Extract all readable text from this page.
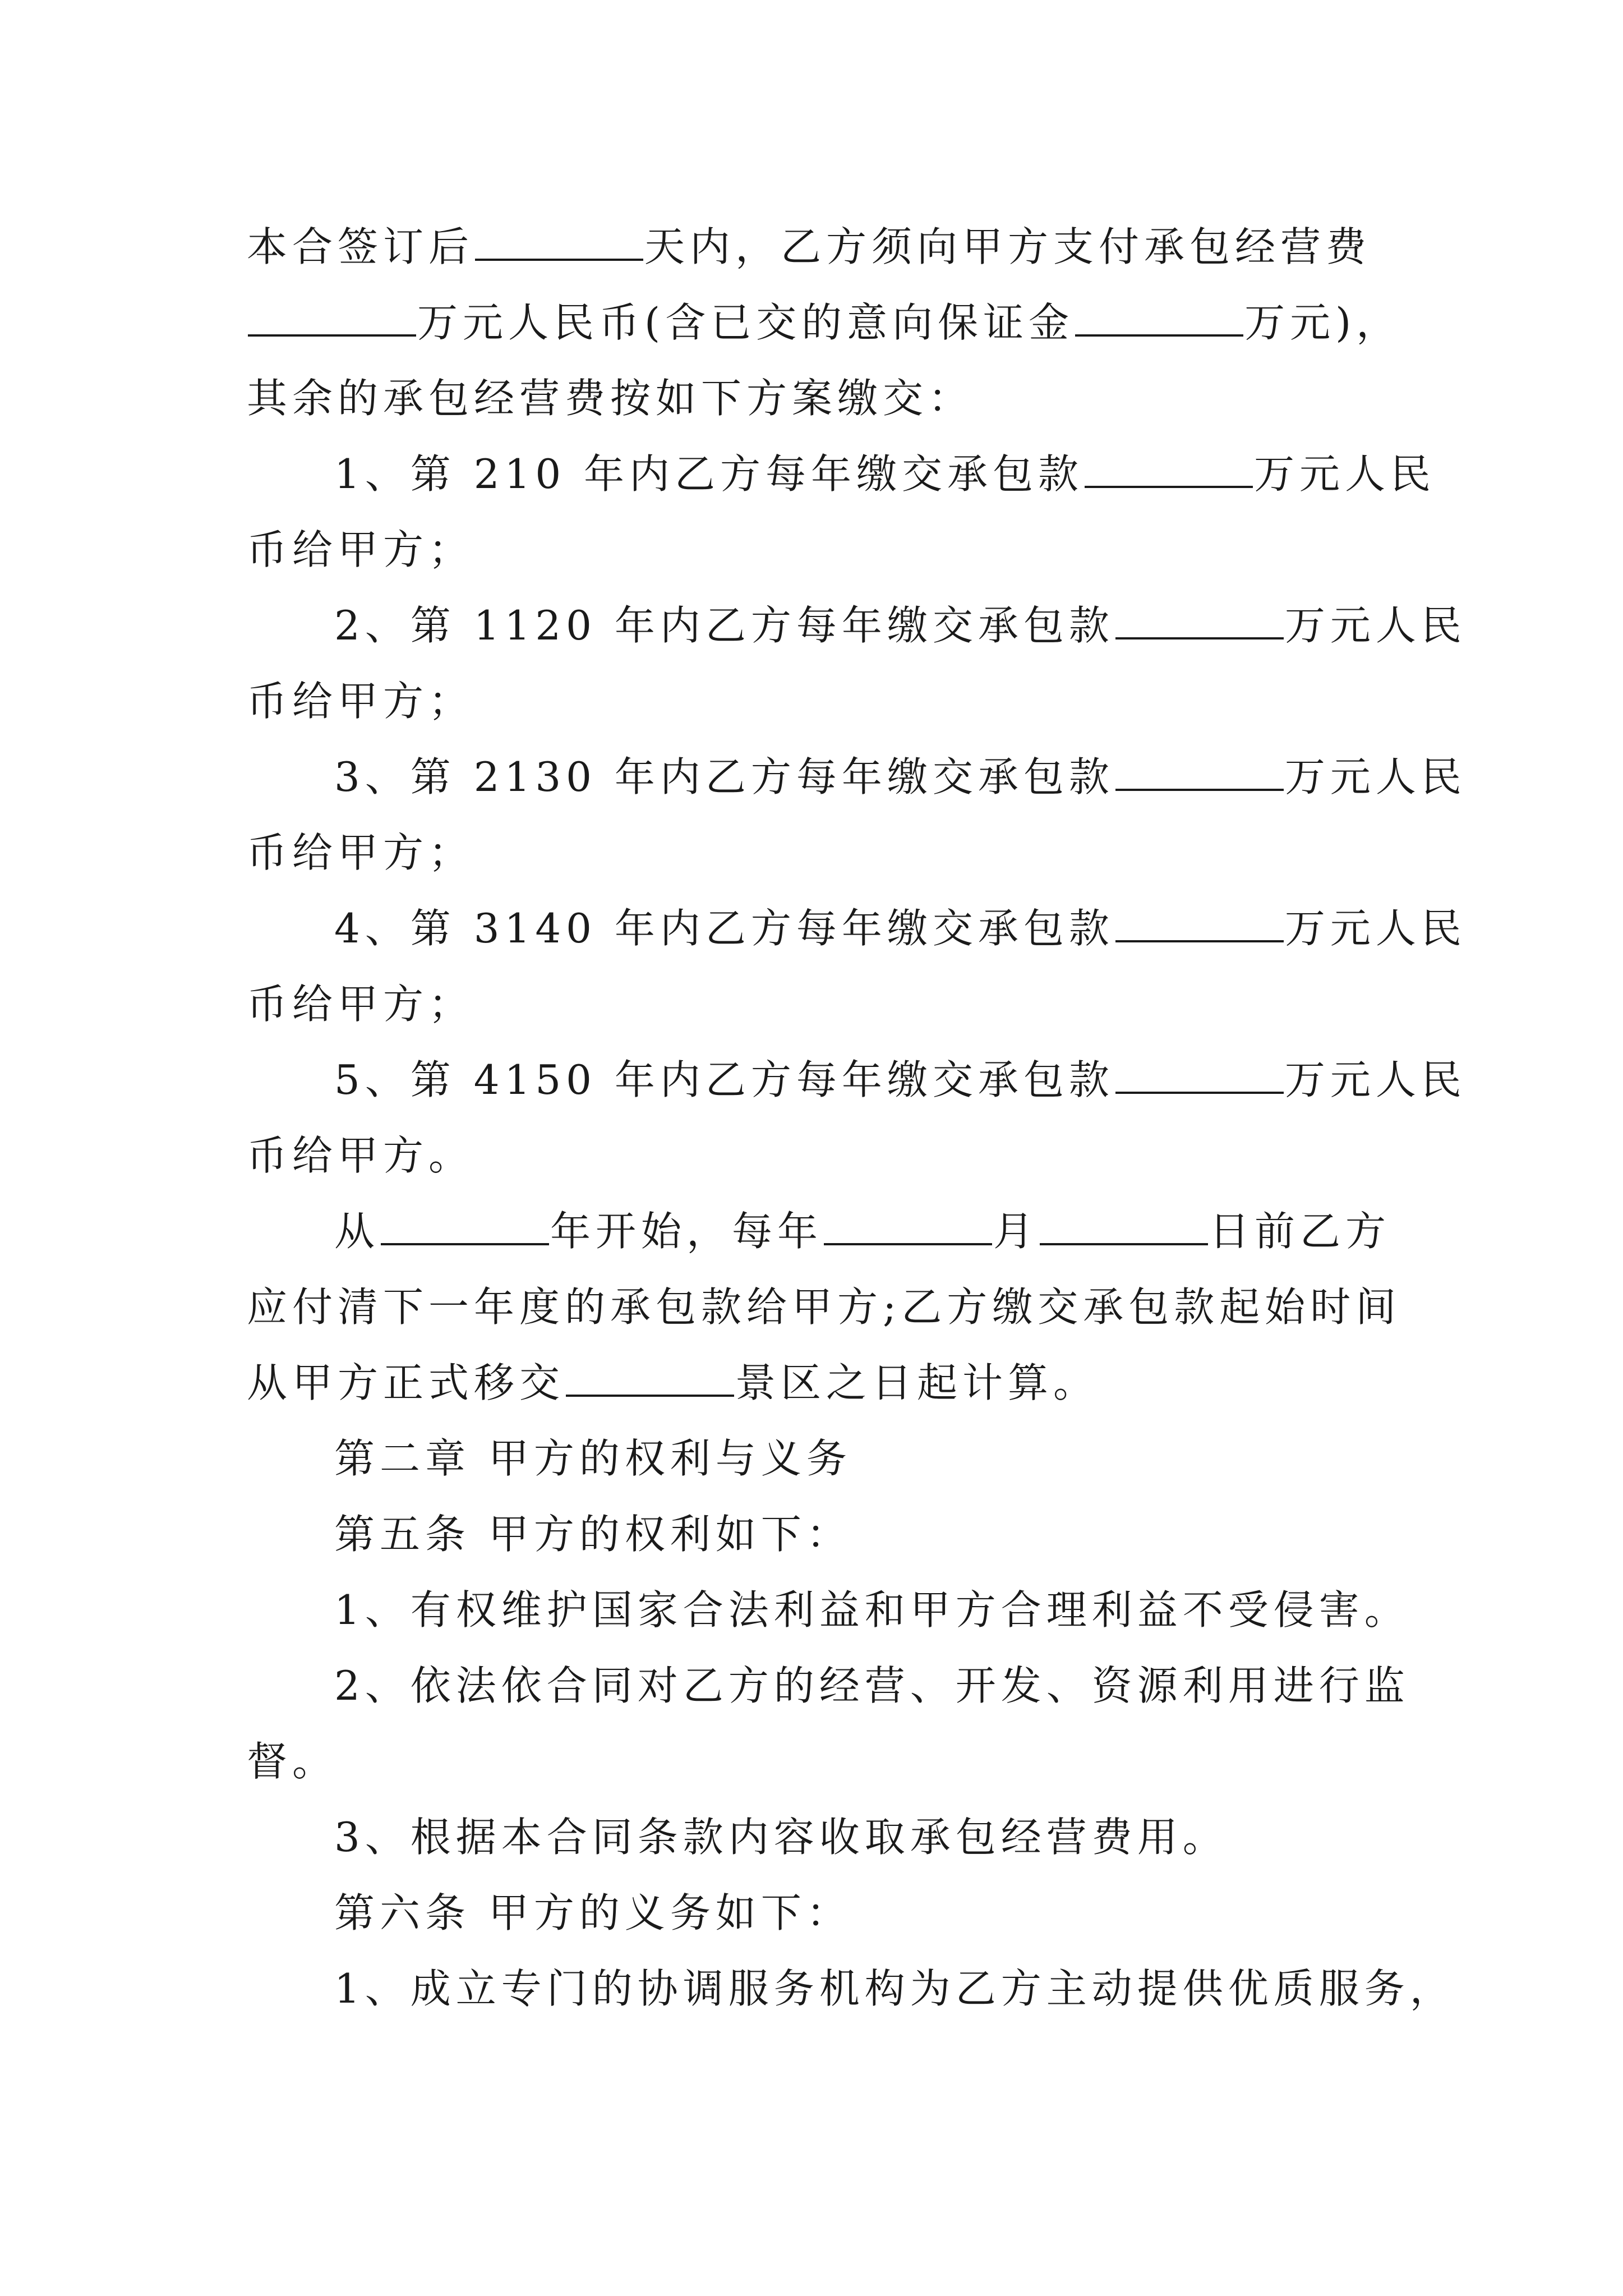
本合签订后	天内，乙方须向甲方支付承包经营费
万元人民币(含已交的意向保证金	万元)，
其余的承包经营费按如下方案缴交：
1、第 210 年内乙方每年缴交承包款	万元人民
币给甲方；
2、第 1120 年内乙方每年缴交承包款	万元人民
币给甲方；
3、第 2130 年内乙方每年缴交承包款	万元人民
币给甲方；
4、第 3140 年内乙方每年缴交承包款	万元人民
币给甲方；
5、第 4150 年内乙方每年缴交承包款	万元人民
币给甲方。
从	年开始，每年	月	日前乙方
应付清下一年度的承包款给甲方;乙方缴交承包款起始时间
从甲方正式移交	景区之日起计算。
第二章 甲方的权利与义务
第五条 甲方的权利如下：
1、有权维护国家合法利益和甲方合理利益不受侵害。
2、依法依合同对乙方的经营、开发、资源利用进行监
督。
3、根据本合同条款内容收取承包经营费用。
第六条 甲方的义务如下：
1、成立专门的协调服务机构为乙方主动提供优质服务，
